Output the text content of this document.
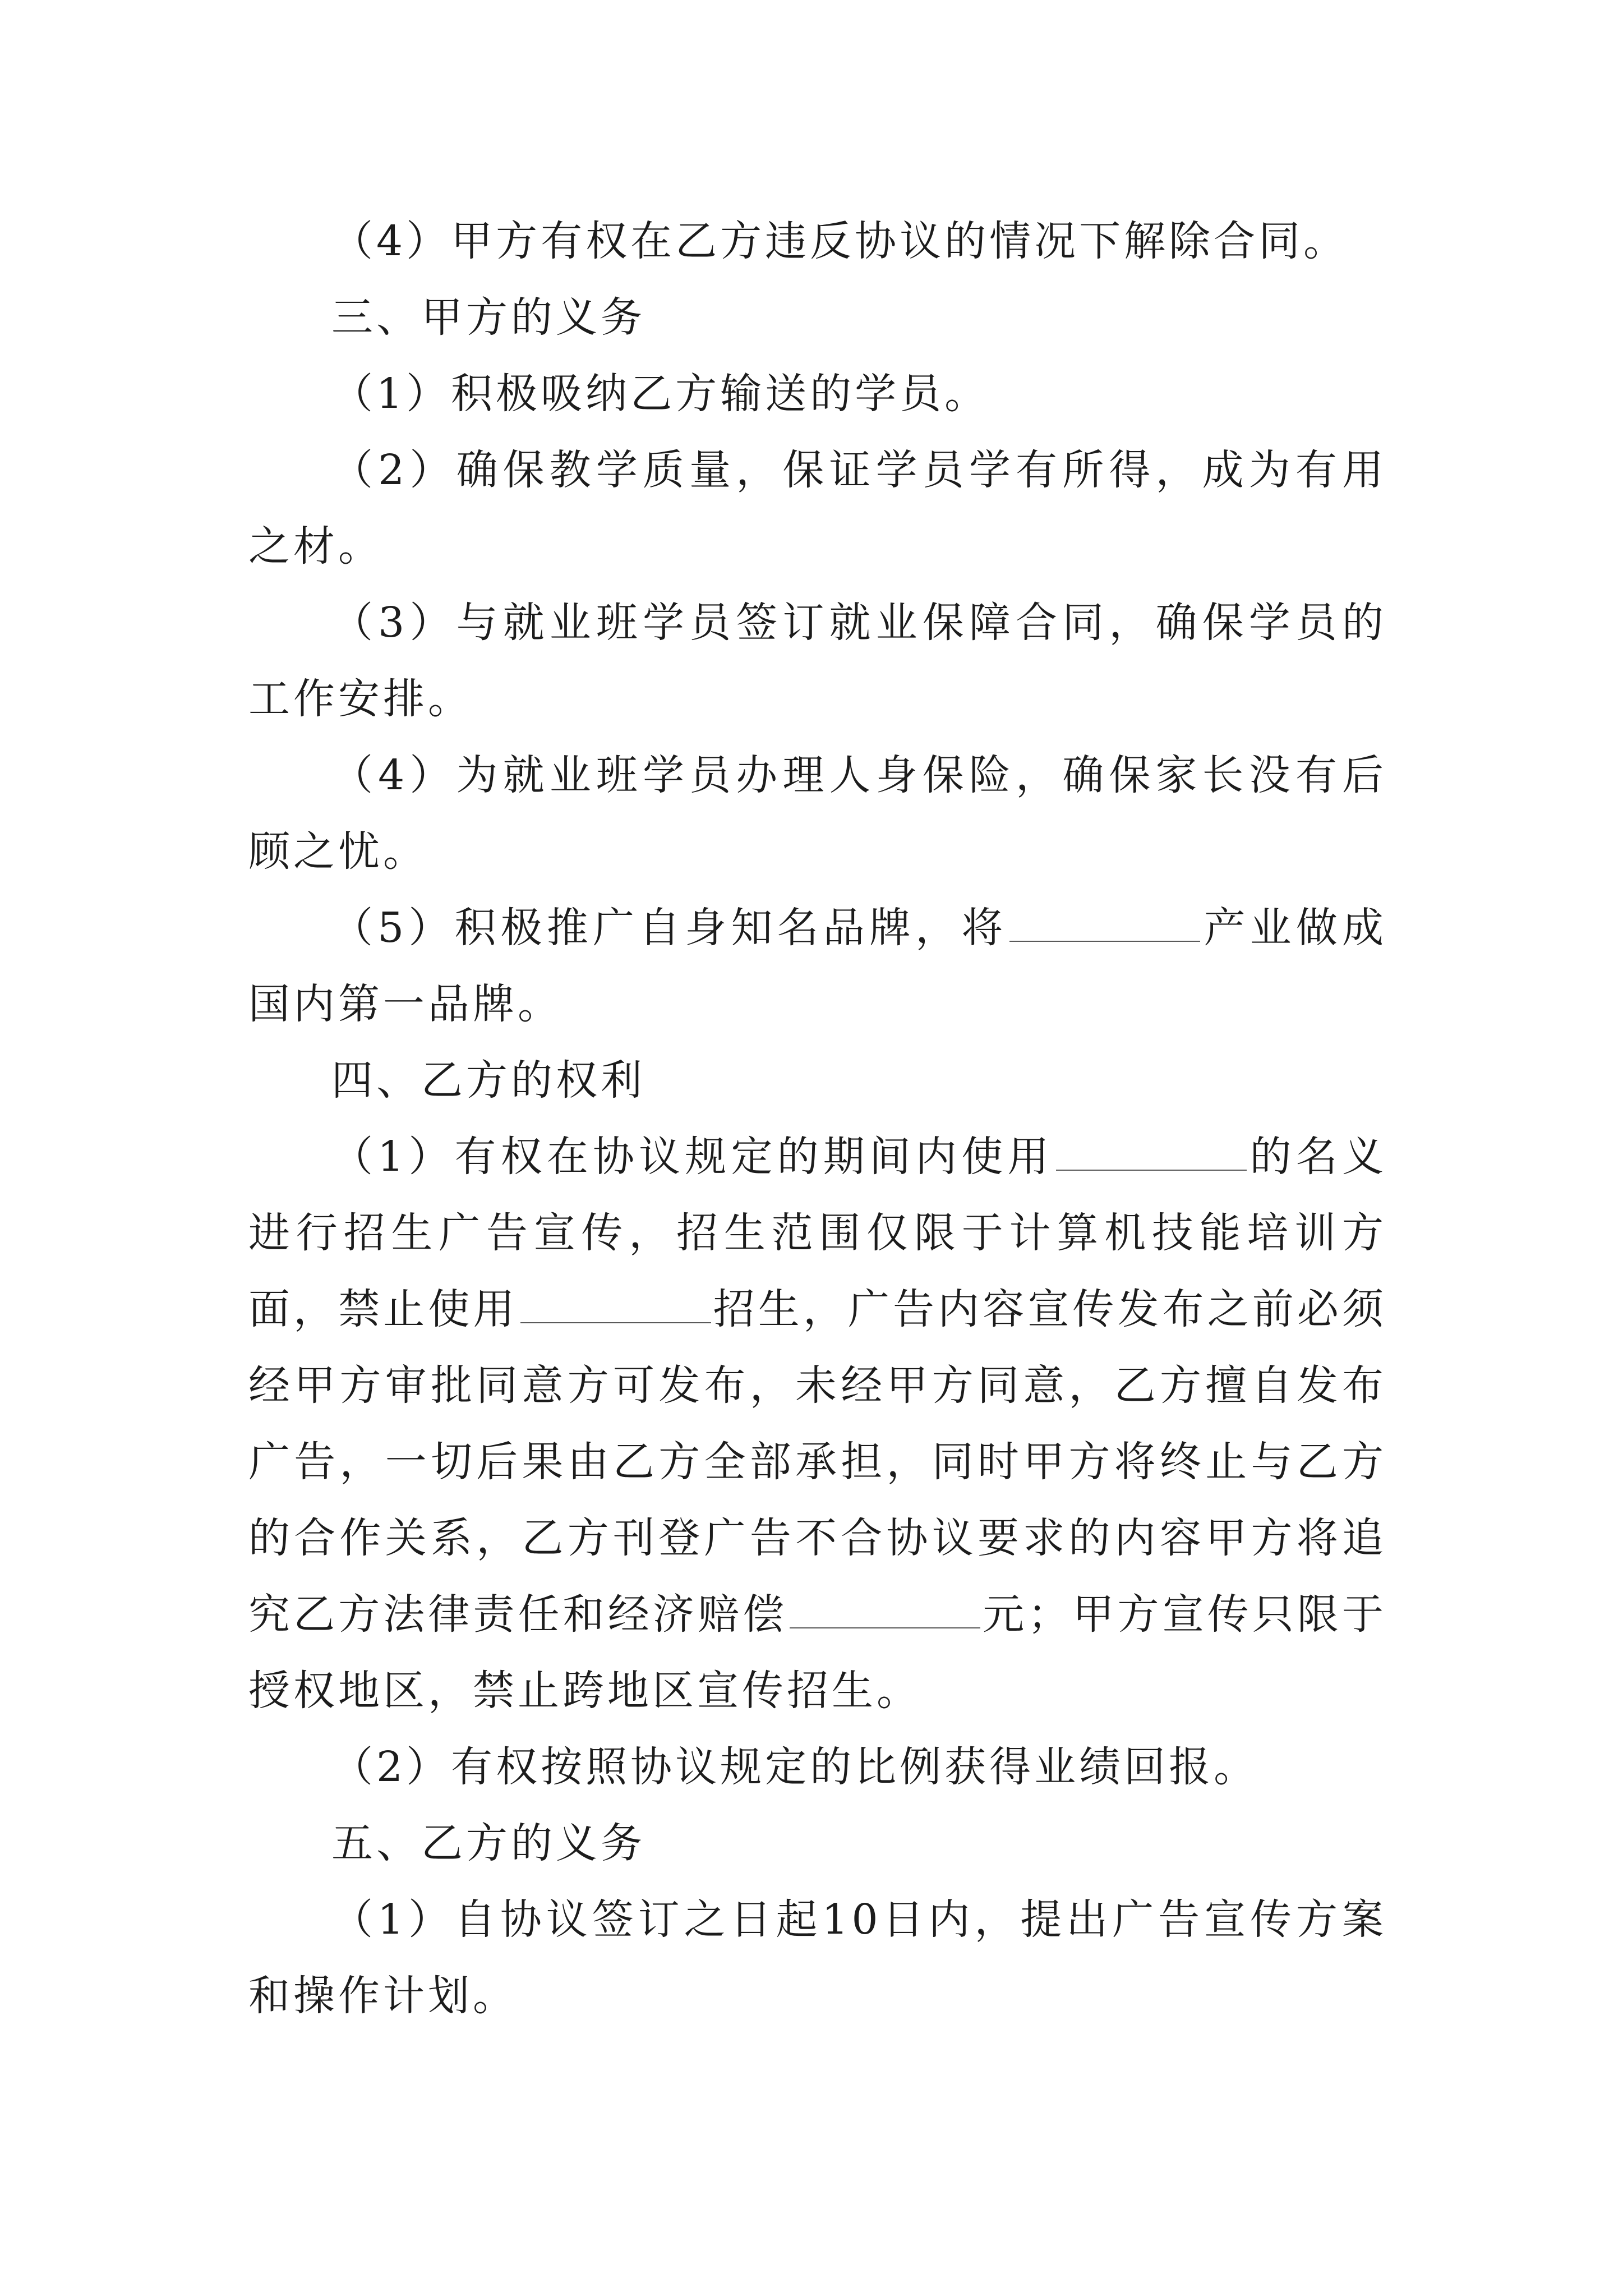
（4）甲方有权在乙方违反协议的情况下解除合同。

三、甲方的义务

（1）积极吸纳乙方输送的学员。

（2）确保教学质量，保证学员学有所得，成为有用之材。

（3）与就业班学员签订就业保障合同，确保学员的工作安排。

（4）为就业班学员办理人身保险，确保家长没有后顾之忧。

（5）积极推广自身知名品牌，将	产业做成国内第一品牌。

四、乙方的权利

（1）有权在协议规定的期间内使用	的名义进行招生广告宣传，招生范围仅限于计算机技能培训方面，禁止使用	招生，广告内容宣传发布之前必须经甲方审批同意方可发布，未经甲方同意，乙方擅自发布广告，一切后果由乙方全部承担，同时甲方将终止与乙方的合作关系，乙方刊登广告不合协议要求的内容甲方将追究乙方法律责任和经济赔偿	元；甲方宣传只限于授权地区，禁止跨地区宣传招生。

（2）有权按照协议规定的比例获得业绩回报。

五、乙方的义务

（1）自协议签订之日起10日内，提出广告宣传方案和操作计划。
